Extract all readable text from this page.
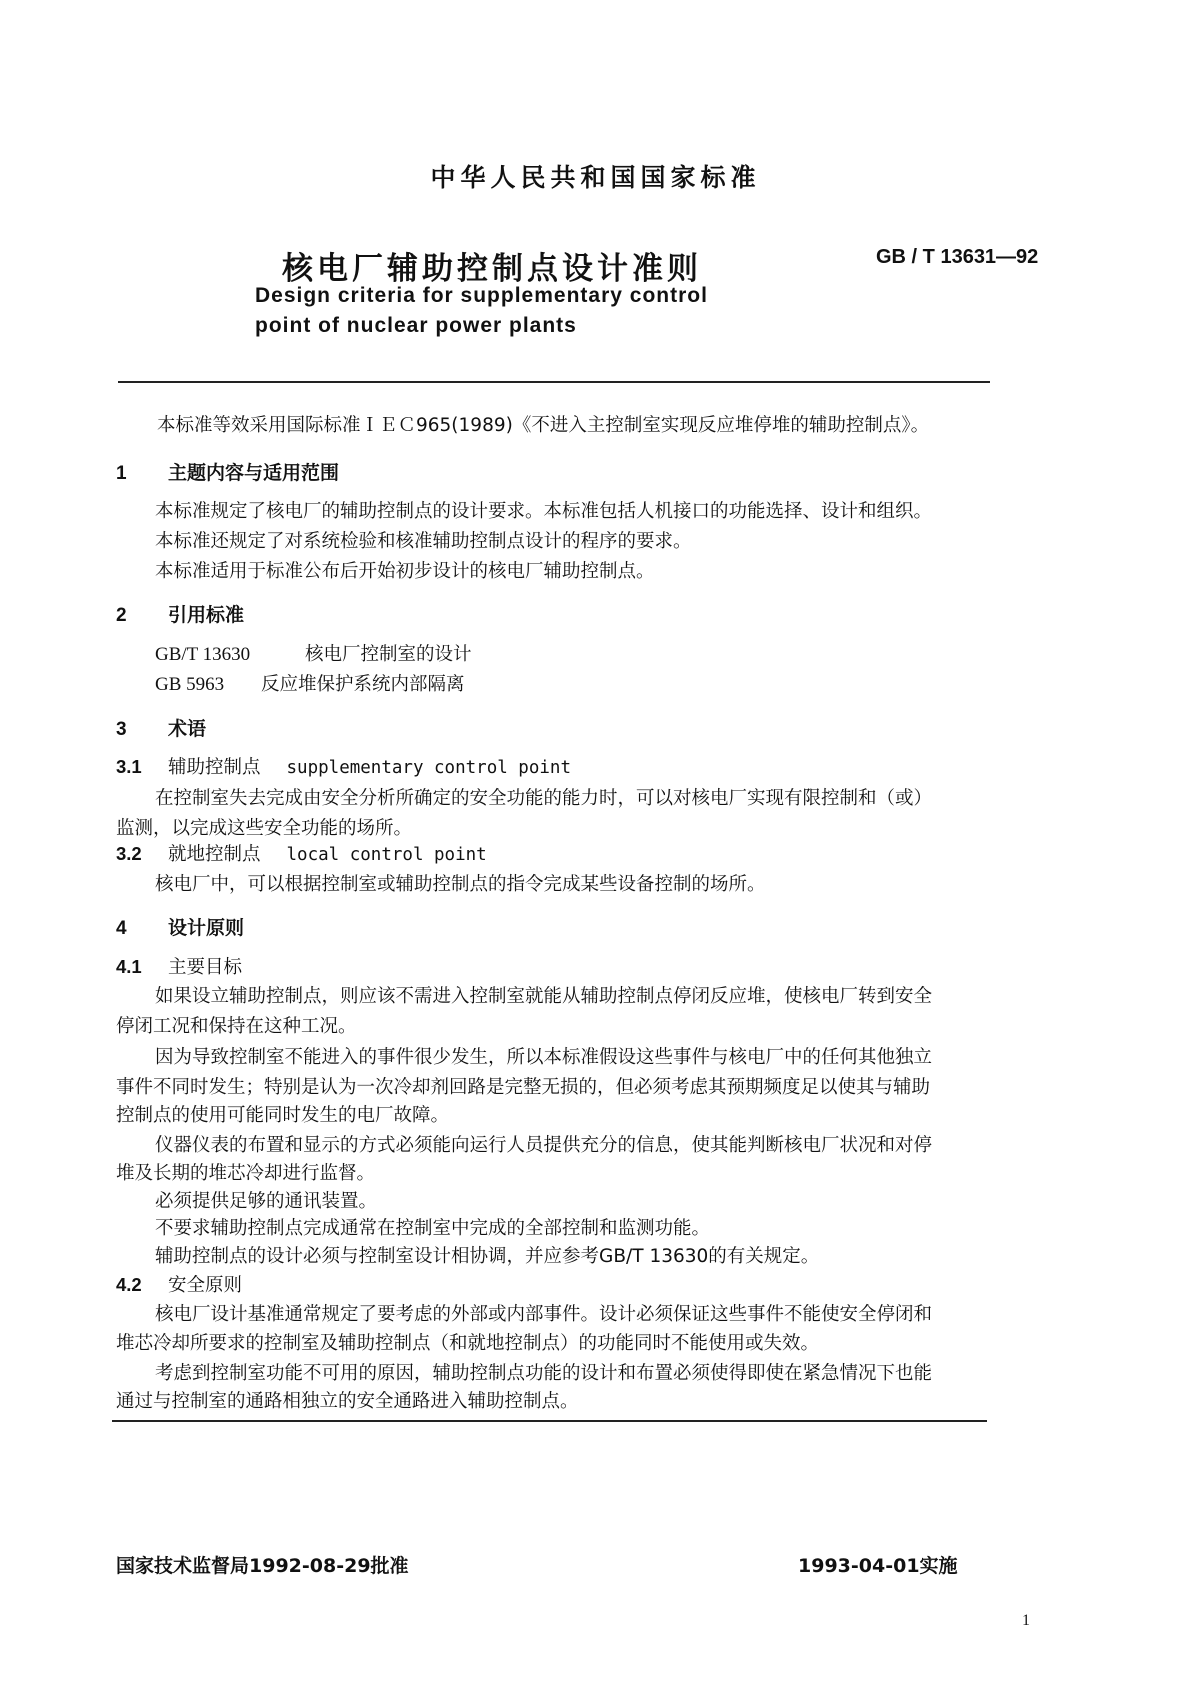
中华人民共和国国家标准
核电厂辅助控制点设计准则	GB / T 13631—92
Design criteria for supplementary control
point of nuclear power plants
本标准等效采用国际标准ＩＥＣ965(1989)《不进入主控制室实现反应堆停堆的辅助控制点》。
1 主题内容与适用范围
本标准规定了核电厂的辅助控制点的设计要求。本标准包括人机接口的功能选择、设计和组织。
本标准还规定了对系统检验和核准辅助控制点设计的程序的要求。
本标准适用于标准公布后开始初步设计的核电厂辅助控制点。
2 引用标准
GB/T 13630	核电厂控制室的设计
GB 5963 反应堆保护系统内部隔离
3 术语
3.1 辅助控制点 supplementary control point
在控制室失去完成由安全分析所确定的安全功能的能力时，可以对核电厂实现有限控制和（或）
监测，以完成这些安全功能的场所。
3.2 就地控制点 local control point
核电厂中，可以根据控制室或辅助控制点的指令完成某些设备控制的场所。
4 设计原则
4.1 主要目标
如果设立辅助控制点，则应该不需进入控制室就能从辅助控制点停闭反应堆，使核电厂转到安全
停闭工况和保持在这种工况。
因为导致控制室不能进入的事件很少发生，所以本标准假设这些事件与核电厂中的任何其他独立
事件不同时发生；特别是认为一次冷却剂回路是完整无损的，但必须考虑其预期频度足以使其与辅助
控制点的使用可能同时发生的电厂故障。
仪器仪表的布置和显示的方式必须能向运行人员提供充分的信息，使其能判断核电厂状况和对停
堆及长期的堆芯冷却进行监督。
必须提供足够的通讯装置。
不要求辅助控制点完成通常在控制室中完成的全部控制和监测功能。
辅助控制点的设计必须与控制室设计相协调，并应参考GB/T 13630的有关规定。
4.2 安全原则
核电厂设计基准通常规定了要考虑的外部或内部事件。设计必须保证这些事件不能使安全停闭和
堆芯冷却所要求的控制室及辅助控制点（和就地控制点）的功能同时不能使用或失效。
考虑到控制室功能不可用的原因，辅助控制点功能的设计和布置必须使得即使在紧急情况下也能
通过与控制室的通路相独立的安全通路进入辅助控制点。
国家技术监督局1992-08-29批准	1993-04-01实施
1
